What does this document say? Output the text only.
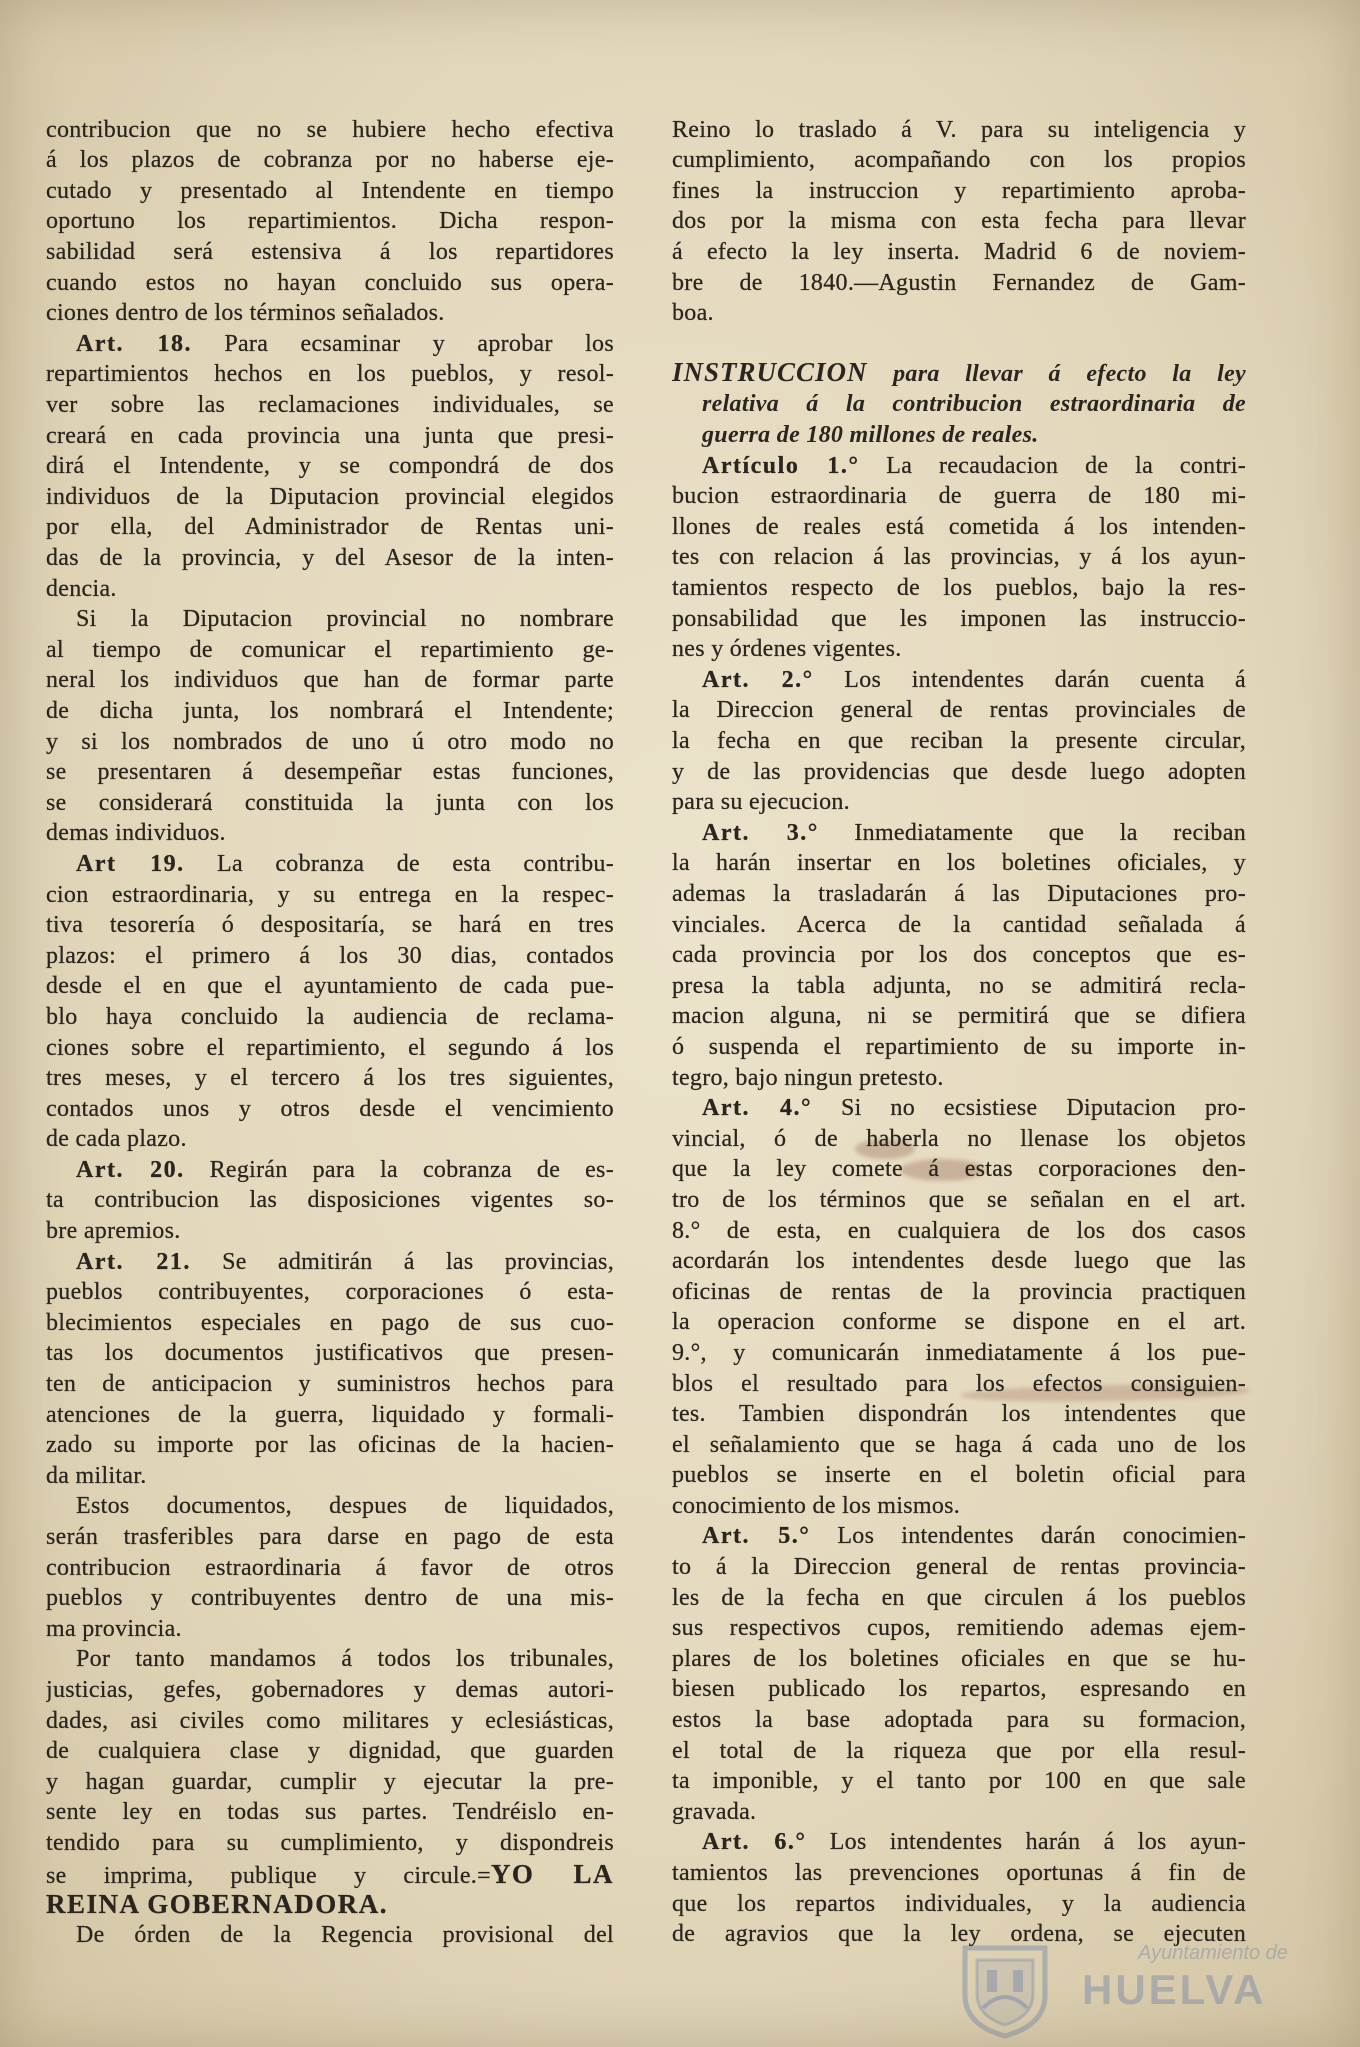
contribucion que no se hubiere hecho efectiva
á los plazos de cobranza por no haberse eje-
cutado y presentado al Intendente en tiempo
oportuno los repartimientos. Dicha respon-
sabilidad será estensiva á los repartidores
cuando estos no hayan concluido sus opera-
ciones dentro de los términos señalados.
Art. 18. Para ecsaminar y aprobar los
repartimientos hechos en los pueblos, y resol-
ver sobre las reclamaciones individuales, se
creará en cada provincia una junta que presi-
dirá el Intendente, y se compondrá de dos
individuos de la Diputacion provincial elegidos
por ella, del Administrador de Rentas uni-
das de la provincia, y del Asesor de la inten-
dencia.
Si la Diputacion provincial no nombrare
al tiempo de comunicar el repartimiento ge-
neral los individuos que han de formar parte
de dicha junta, los nombrará el Intendente;
y si los nombrados de uno ú otro modo no
se presentaren á desempeñar estas funciones,
se considerará constituida la junta con los
demas individuos.
Art 19. La cobranza de esta contribu-
cion estraordinaria, y su entrega en la respec-
tiva tesorería ó despositaría, se hará en tres
plazos: el primero á los 30 dias, contados
desde el en que el ayuntamiento de cada pue-
blo haya concluido la audiencia de reclama-
ciones sobre el repartimiento, el segundo á los
tres meses, y el tercero á los tres siguientes,
contados unos y otros desde el vencimiento
de cada plazo.
Art. 20. Regirán para la cobranza de es-
ta contribucion las disposiciones vigentes so-
bre apremios.
Art. 21. Se admitirán á las provincias,
pueblos contribuyentes, corporaciones ó esta-
blecimientos especiales en pago de sus cuo-
tas los documentos justificativos que presen-
ten de anticipacion y suministros hechos para
atenciones de la guerra, liquidado y formali-
zado su importe por las oficinas de la hacien-
da militar.
Estos documentos, despues de liquidados,
serán trasferibles para darse en pago de esta
contribucion estraordinaria á favor de otros
pueblos y contribuyentes dentro de una mis-
ma provincia.
Por tanto mandamos á todos los tribunales,
justicias, gefes, gobernadores y demas autori-
dades, asi civiles como militares y eclesiásticas,
de cualquiera clase y dignidad, que guarden
y hagan guardar, cumplir y ejecutar la pre-
sente ley en todas sus partes. Tendréislo en-
tendido para su cumplimiento, y dispondreis
se imprima, publique y circule.=YO LA
REINA GOBERNADORA.
De órden de la Regencia provisional del
Reino lo traslado á V. para su inteligencia y
cumplimiento, acompañando con los propios
fines la instruccion y repartimiento aproba-
dos por la misma con esta fecha para llevar
á efecto la ley inserta. Madrid 6 de noviem-
bre de 1840.—Agustin Fernandez de Gam-
boa.
INSTRUCCION para llevar á efecto la ley
relativa á la contribucion estraordinaria de
guerra de 180 millones de reales.
Artículo 1.° La recaudacion de la contri-
bucion estraordinaria de guerra de 180 mi-
llones de reales está cometida á los intenden-
tes con relacion á las provincias, y á los ayun-
tamientos respecto de los pueblos, bajo la res-
ponsabilidad que les imponen las instruccio-
nes y órdenes vigentes.
Art. 2.° Los intendentes darán cuenta á
la Direccion general de rentas provinciales de
la fecha en que reciban la presente circular,
y de las providencias que desde luego adopten
para su ejecucion.
Art. 3.° Inmediatamente que la reciban
la harán insertar en los boletines oficiales, y
ademas la trasladarán á las Diputaciones pro-
vinciales. Acerca de la cantidad señalada á
cada provincia por los dos conceptos que es-
presa la tabla adjunta, no se admitirá recla-
macion alguna, ni se permitirá que se difiera
ó suspenda el repartimiento de su importe in-
tegro, bajo ningun pretesto.
Art. 4.° Si no ecsistiese Diputacion pro-
vincial, ó de haberla no llenase los objetos
que la ley comete á estas corporaciones den-
tro de los términos que se señalan en el art.
8.° de esta, en cualquiera de los dos casos
acordarán los intendentes desde luego que las
oficinas de rentas de la provincia practiquen
la operacion conforme se dispone en el art.
9.°, y comunicarán inmediatamente á los pue-
blos el resultado para los efectos consiguien-
tes. Tambien dispondrán los intendentes que
el señalamiento que se haga á cada uno de los
pueblos se inserte en el boletin oficial para
conocimiento de los mismos.
Art. 5.° Los intendentes darán conocimien-
to á la Direccion general de rentas provincia-
les de la fecha en que circulen á los pueblos
sus respectivos cupos, remitiendo ademas ejem-
plares de los boletines oficiales en que se hu-
biesen publicado los repartos, espresando en
estos la base adoptada para su formacion,
el total de la riqueza que por ella resul-
ta imponible, y el tanto por 100 en que sale
gravada.
Art. 6.° Los intendentes harán á los ayun-
tamientos las prevenciones oportunas á fin de
que los repartos individuales, y la audiencia
de agravios que la ley ordena, se ejecuten
Ayuntamiento de
HUELVA
